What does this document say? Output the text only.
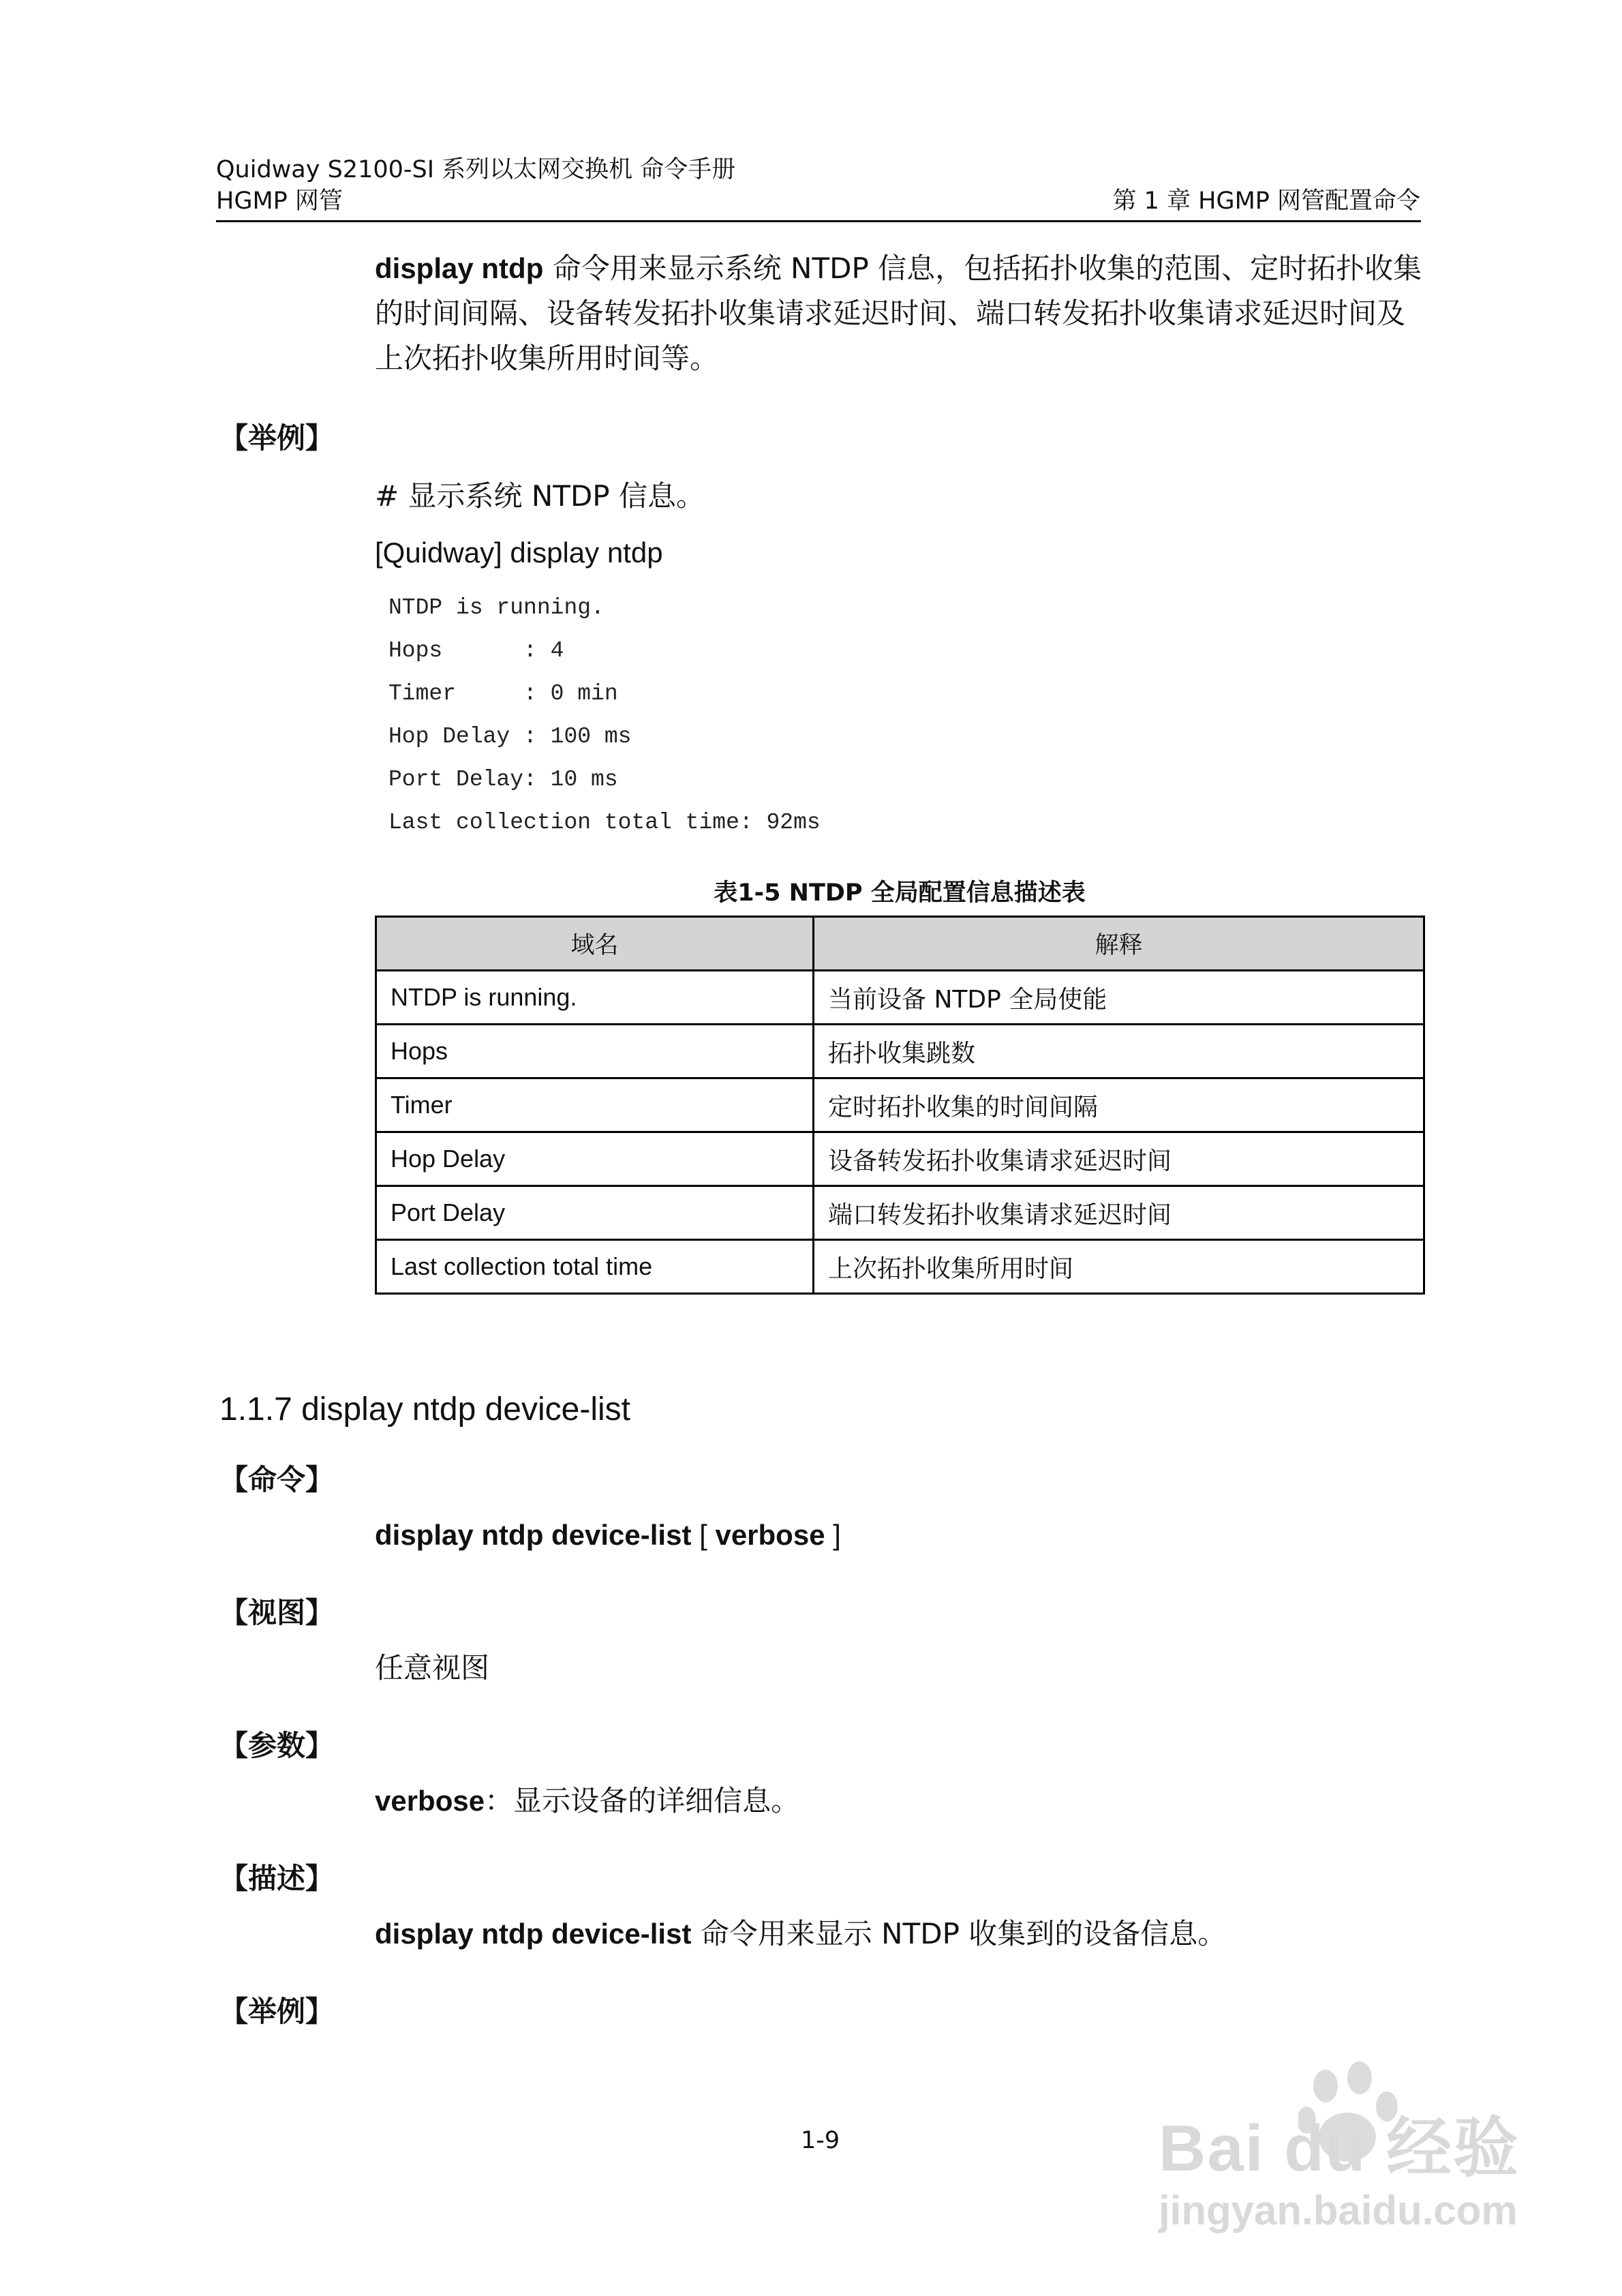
Quidway S2100-SI 系列以太网交换机 命令手册
HGMP 网管	第 1 章 HGMP 网管配置命令
display ntdp 命令用来显示系统 NTDP 信息，包括拓扑收集的范围、定时拓扑收集
的时间间隔、设备转发拓扑收集请求延迟时间、端口转发拓扑收集请求延迟时间及
上次拓扑收集所用时间等。
【举例】
# 显示系统 NTDP 信息。
[Quidway] display ntdp
NTDP is running.
Hops      : 4
Timer     : 0 min
Hop Delay : 100 ms
Port Delay: 10 ms
Last collection total time: 92ms
表1-5 NTDP 全局配置信息描述表
域名	解释
NTDP is running.	当前设备 NTDP 全局使能
Hops	拓扑收集跳数
Timer	定时拓扑收集的时间间隔
Hop Delay	设备转发拓扑收集请求延迟时间
Port Delay	端口转发拓扑收集请求延迟时间
Last collection total time	上次拓扑收集所用时间
1.1.7 display ntdp device-list
【命令】
display ntdp device-list [ verbose ]
【视图】
任意视图
【参数】
verbose：显示设备的详细信息。
【描述】
display ntdp device-list 命令用来显示 NTDP 收集到的设备信息。
【举例】
1-9	Bai du 经验
jingyan.baidu.com
